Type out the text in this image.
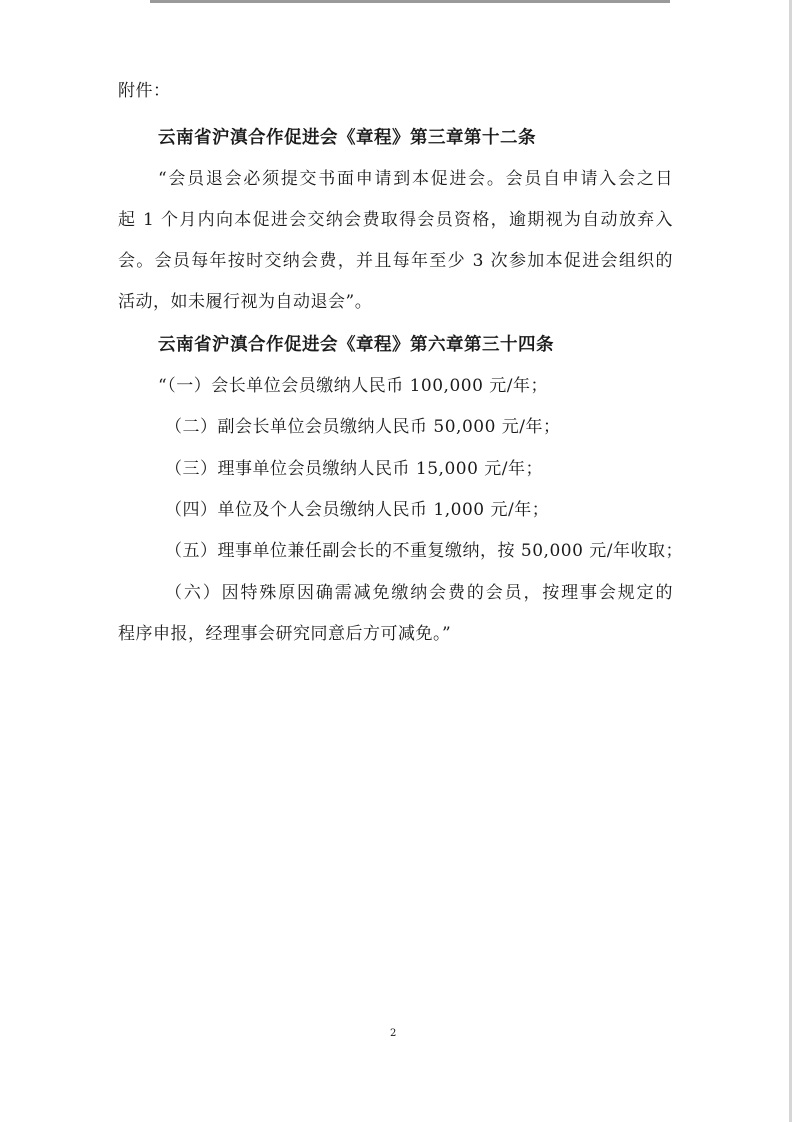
附件：
云南省沪滇合作促进会《章程》第三章第十二条
“会员退会必须提交书面申请到本促进会。会员自申请入会之日
起 1 个月内向本促进会交纳会费取得会员资格，逾期视为自动放弃入
会。会员每年按时交纳会费，并且每年至少 3 次参加本促进会组织的
活动，如未履行视为自动退会”。
云南省沪滇合作促进会《章程》第六章第三十四条
“（一）会长单位会员缴纳人民币 100,000 元/年；
（二）副会长单位会员缴纳人民币 50,000 元/年；
（三）理事单位会员缴纳人民币 15,000 元/年；
（四）单位及个人会员缴纳人民币 1,000 元/年；
（五）理事单位兼任副会长的不重复缴纳，按 50,000 元/年收取；
（六）因特殊原因确需减免缴纳会费的会员，按理事会规定的
程序申报，经理事会研究同意后方可减免。”
2
